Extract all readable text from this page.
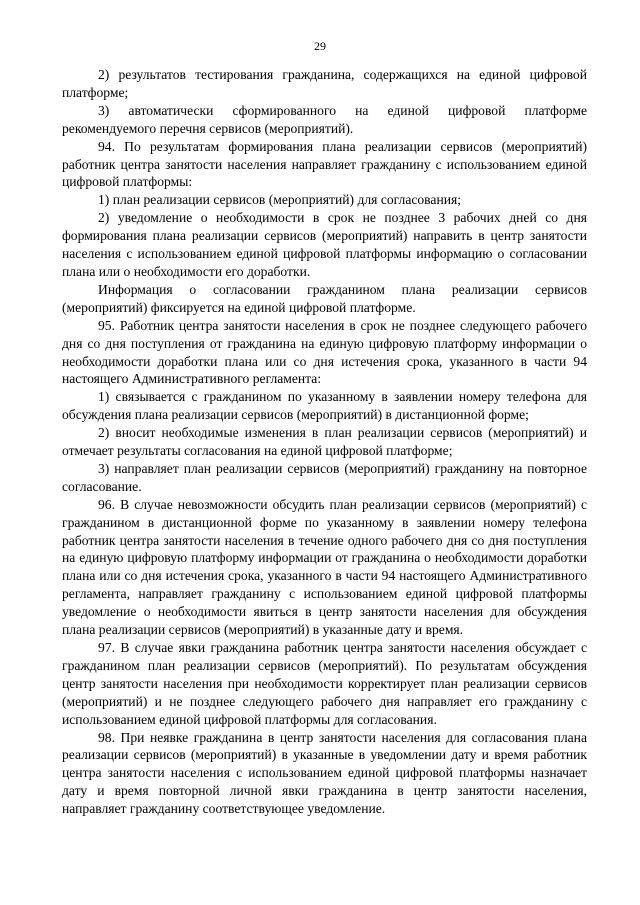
29

2) результатов тестирования гражданина, содержащихся на единой цифровой платформе;

3) автоматически сформированного на единой цифровой платформе рекомендуемого перечня сервисов (мероприятий).

94. По результатам формирования плана реализации сервисов (мероприятий) работник центра занятости населения направляет гражданину с использованием единой цифровой платформы:

1) план реализации сервисов (мероприятий) для согласования;

2) уведомление о необходимости в срок не позднее 3 рабочих дней со дня формирования плана реализации сервисов (мероприятий) направить в центр занятости населения с использованием единой цифровой платформы информацию о согласовании плана или о необходимости его доработки.

Информация о согласовании гражданином плана реализации сервисов (мероприятий) фиксируется на единой цифровой платформе.

95. Работник центра занятости населения в срок не позднее следующего рабочего дня со дня поступления от гражданина на единую цифровую платформу информации о необходимости доработки плана или со дня истечения срока, указанного в части 94 настоящего Административного регламента:

1) связывается с гражданином по указанному в заявлении номеру телефона для обсуждения плана реализации сервисов (мероприятий) в дистанционной форме;

2) вносит необходимые изменения в план реализации сервисов (мероприятий) и отмечает результаты согласования на единой цифровой платформе;

3) направляет план реализации сервисов (мероприятий) гражданину на повторное согласование.

96. В случае невозможности обсудить план реализации сервисов (мероприятий) с гражданином в дистанционной форме по указанному в заявлении номеру телефона работник центра занятости населения в течение одного рабочего дня со дня поступления на единую цифровую платформу информации от гражданина о необходимости доработки плана или со дня истечения срока, указанного в части 94 настоящего Административного регламента, направляет гражданину с использованием единой цифровой платформы уведомление о необходимости явиться в центр занятости населения для обсуждения плана реализации сервисов (мероприятий) в указанные дату и время.

97. В случае явки гражданина работник центра занятости населения обсуждает с гражданином план реализации сервисов (мероприятий). По результатам обсуждения центр занятости населения при необходимости корректирует план реализации сервисов (мероприятий) и не позднее следующего рабочего дня направляет его гражданину с использованием единой цифровой платформы для согласования.

98. При неявке гражданина в центр занятости населения для согласования плана реализации сервисов (мероприятий) в указанные в уведомлении дату и время работник центра занятости населения с использованием единой цифровой платформы назначает дату и время повторной личной явки гражданина в центр занятости населения, направляет гражданину соответствующее уведомление.
